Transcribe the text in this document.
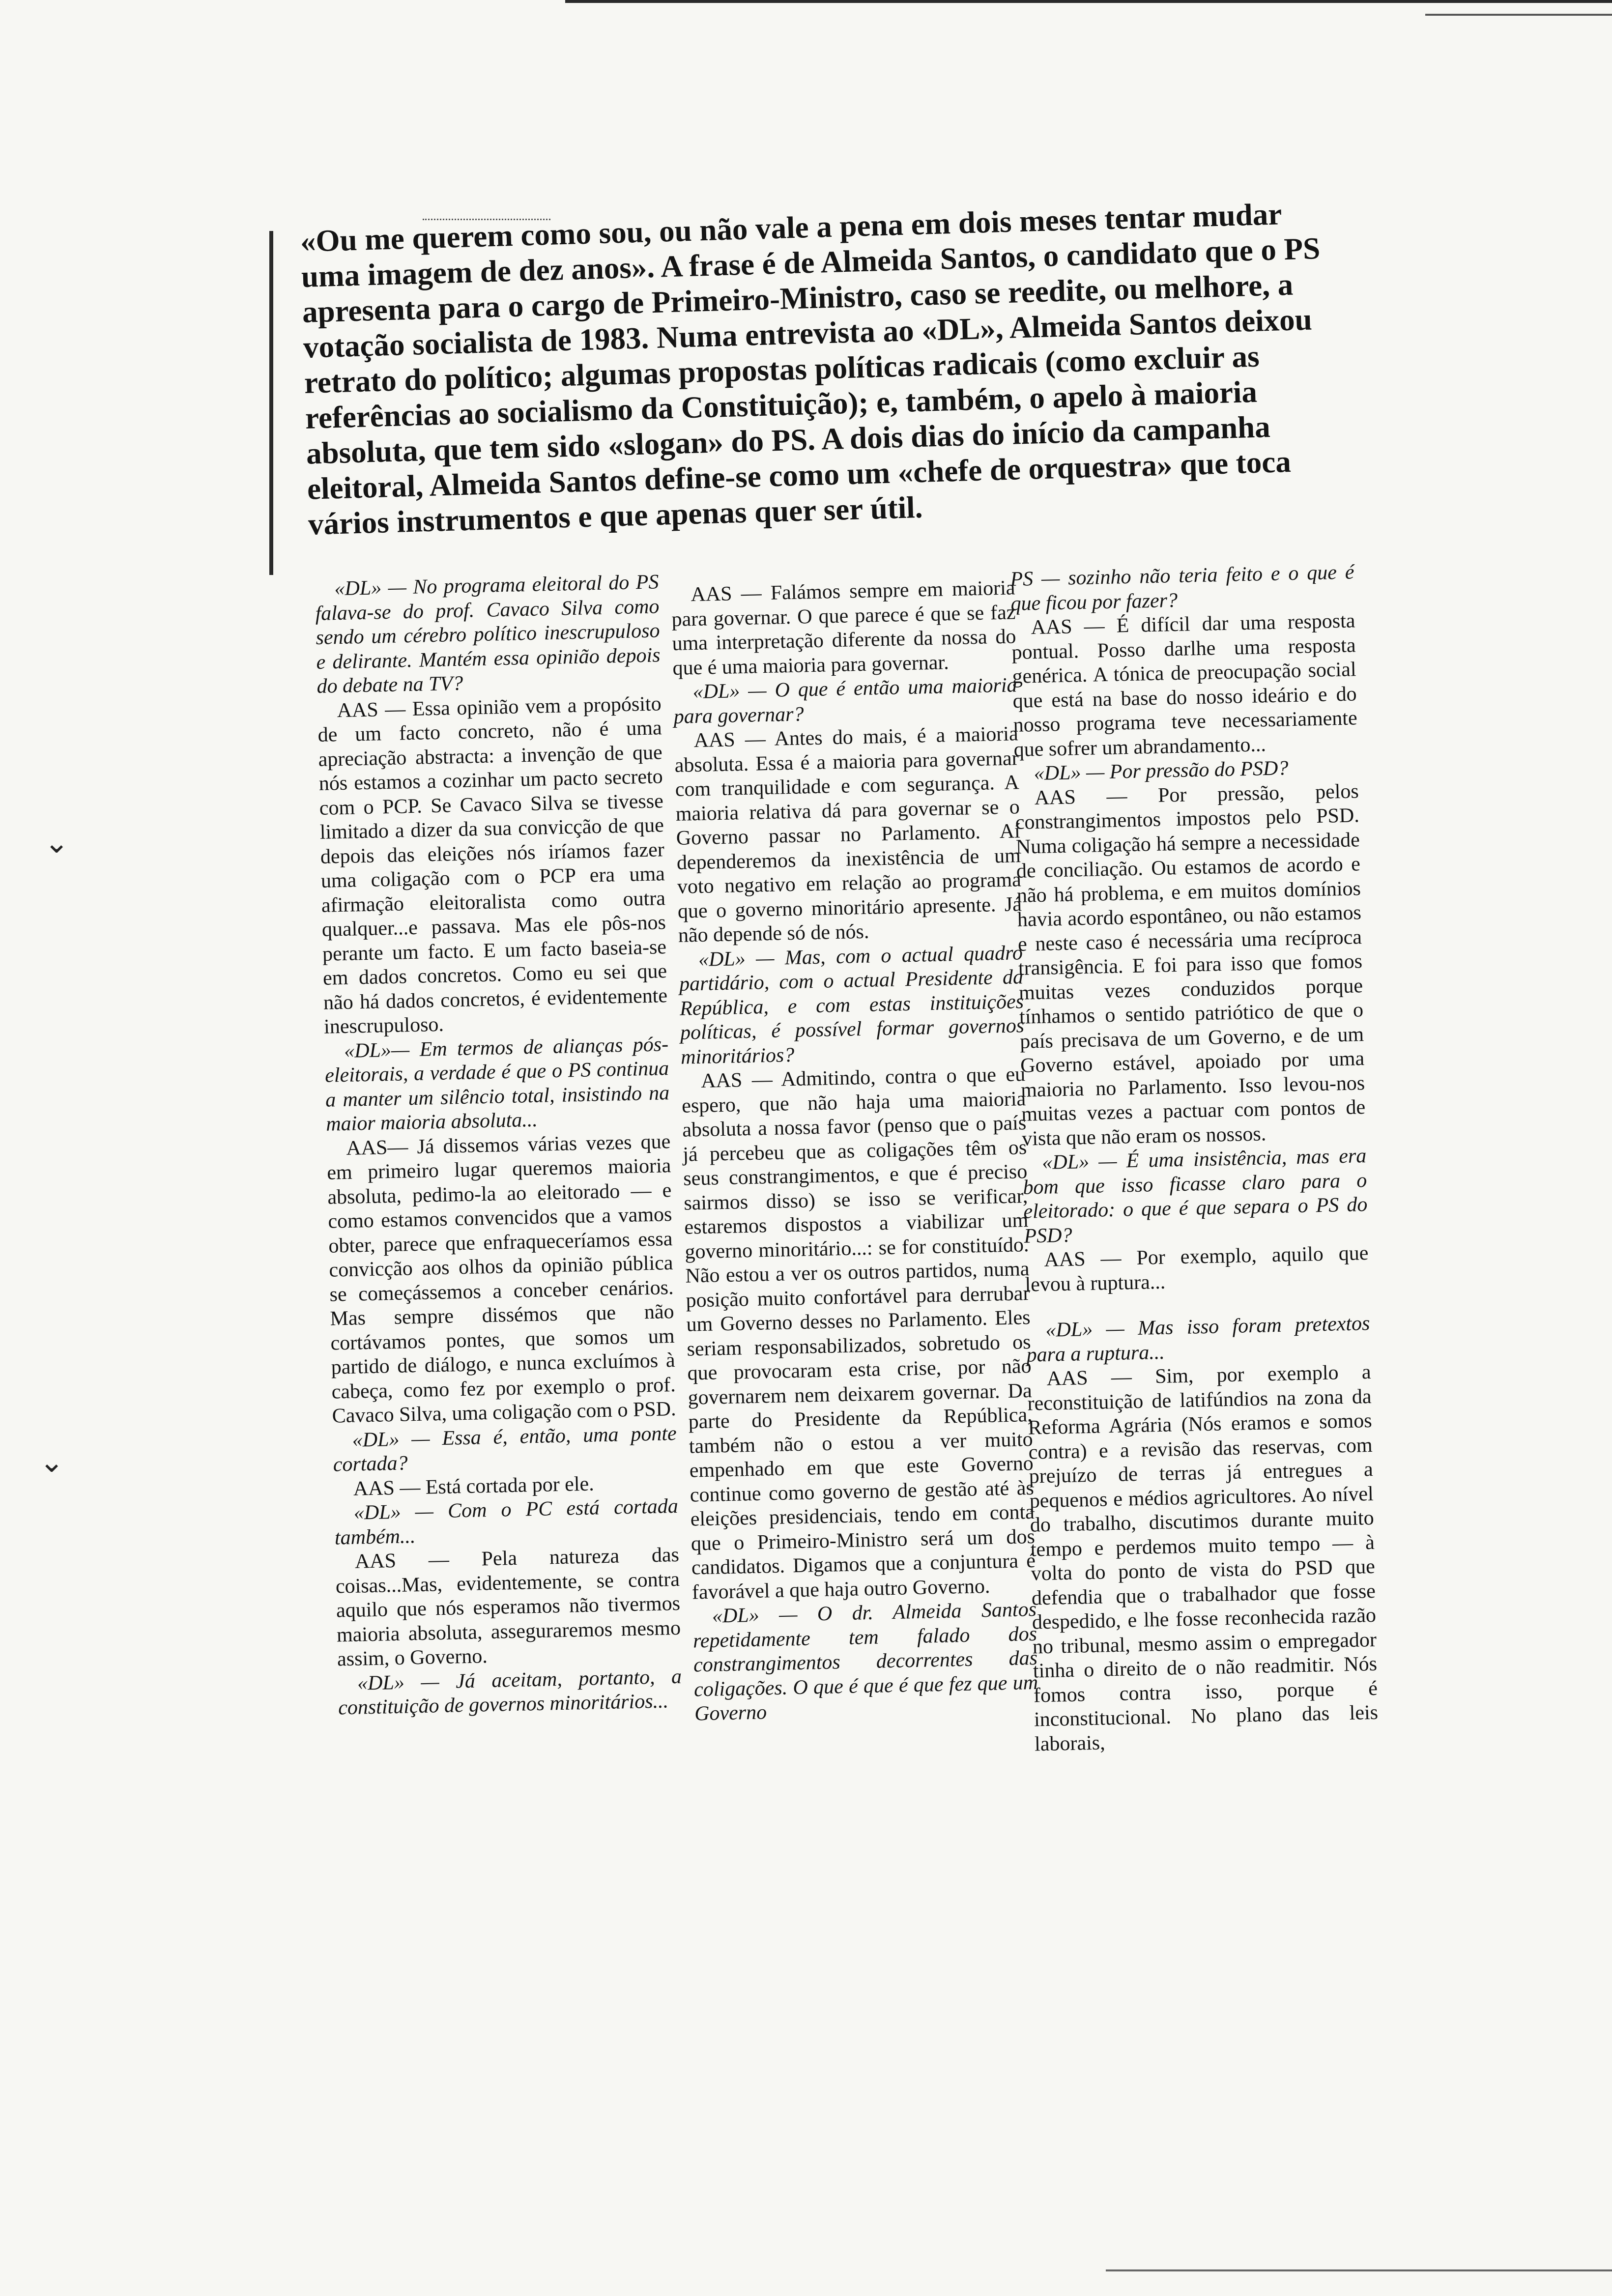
«Ou me querem como sou, ou não vale a pena em dois meses tentar mudar uma imagem de dez anos». A frase é de Almeida Santos, o candidato que o PS apresenta para o cargo de Primeiro-Ministro, caso se reedite, ou melhore, a votação socialista de 1983. Numa entrevista ao «DL», Almeida Santos deixou retrato do político; algumas propostas políticas radicais (como excluir as referências ao socialismo da Constituição); e, também, o apelo à maioria absoluta, que tem sido «slogan» do PS. A dois dias do início da campanha eleitoral, Almeida Santos define-se como um «chefe de orquestra» que toca vários instrumentos e que apenas quer ser útil.

«DL» — No programa eleitoral do PS falava-se do prof. Cavaco Silva como sendo um cérebro político inescrupuloso e delirante. Mantém essa opinião depois do debate na TV?

AAS — Essa opinião vem a propósito de um facto concreto, não é uma apreciação abstracta: a invenção de que nós estamos a cozinhar um pacto secreto com o PCP. Se Cavaco Silva se tivesse limitado a dizer da sua convicção de que depois das eleições nós iríamos fazer uma coligação com o PCP era uma afirmação eleitoralista como outra qualquer...e passava. Mas ele pôs-nos perante um facto. E um facto baseia-se em dados concretos. Como eu sei que não há dados concretos, é evidentemente inescrupuloso.

«DL»— Em termos de alianças pós-eleitorais, a verdade é que o PS continua a manter um silêncio total, insistindo na maior maioria absoluta...

AAS— Já dissemos várias vezes que em primeiro lugar queremos maioria absoluta, pedimo-la ao eleitorado — e como estamos convencidos que a vamos obter, parece que enfraqueceríamos essa convicção aos olhos da opinião pública se começássemos a conceber cenários. Mas sempre dissémos que não cortávamos pontes, que somos um partido de diálogo, e nunca excluímos à cabeça, como fez por exemplo o prof. Cavaco Silva, uma coligação com o PSD.

«DL» — Essa é, então, uma ponte cortada?

AAS — Está cortada por ele.

«DL» — Com o PC está cortada também...

AAS — Pela natureza das coisas...Mas, evidentemente, se contra aquilo que nós esperamos não tivermos maioria absoluta, asseguraremos mesmo assim, o Governo.

«DL» — Já aceitam, portanto, a constituição de governos minoritários...

AAS — Falámos sempre em maioria para governar. O que parece é que se faz uma interpretação diferente da nossa do que é uma maioria para governar.

«DL» — O que é então uma maioria para governar?

AAS — Antes do mais, é a maioria absoluta. Essa é a maioria para governar com tranquilidade e com segurança. A maioria relativa dá para governar se o Governo passar no Parlamento. Aí dependeremos da inexistência de um voto negativo em relação ao programa que o governo minoritário apresente. Já não depende só de nós.

«DL» — Mas, com o actual quadro partidário, com o actual Presidente da República, e com estas instituições políticas, é possível formar governos minoritários?

AAS — Admitindo, contra o que eu espero, que não haja uma maioria absoluta a nossa favor (penso que o país já percebeu que as coligações têm os seus constrangimentos, e que é preciso sairmos disso) se isso se verificar, estaremos dispostos a viabilizar um governo minoritário...: se for constituído. Não estou a ver os outros partidos, numa posição muito confortável para derrubar um Governo desses no Parlamento. Eles seriam responsabilizados, sobretudo os que provocaram esta crise, por não governarem nem deixarem governar. Da parte do Presidente da República, também não o estou a ver muito empenhado em que este Governo continue como governo de gestão até às eleições presidenciais, tendo em conta que o Primeiro-Ministro será um dos candidatos. Digamos que a conjuntura é favorável a que haja outro Governo.

«DL» — O dr. Almeida Santos repetidamente tem falado dos constrangimentos decorrentes das coligações. O que é que é que fez que um Governo

PS — sozinho não teria feito e o que é que ficou por fazer?

AAS — É difícil dar uma resposta pontual. Posso darlhe uma resposta genérica. A tónica de preocupação social que está na base do nosso ideário e do nosso programa teve necessariamente que sofrer um abrandamento...

«DL» — Por pressão do PSD?

AAS — Por pressão, pelos constrangimentos impostos pelo PSD. Numa coligação há sempre a necessidade de conciliação. Ou estamos de acordo e não há problema, e em muitos domínios havia acordo espontâneo, ou não estamos e neste caso é necessária uma recíproca transigência. E foi para isso que fomos muitas vezes conduzidos porque tínhamos o sentido patriótico de que o país precisava de um Governo, e de um Governo estável, apoiado por uma maioria no Parlamento. Isso levou-nos muitas vezes a pactuar com pontos de vista que não eram os nossos.

«DL» — É uma insistência, mas era bom que isso ficasse claro para o eleitorado: o que é que separa o PS do PSD?

AAS — Por exemplo, aquilo que levou à ruptura...

«DL» — Mas isso foram pretextos para a ruptura...

AAS — Sim, por exemplo a reconstituição de latifúndios na zona da Reforma Agrária (Nós eramos e somos contra) e a revisão das reservas, com prejuízo de terras já entregues a pequenos e médios agricultores. Ao nível do trabalho, discutimos durante muito tempo e perdemos muito tempo — à volta do ponto de vista do PSD que defendia que o trabalhador que fosse despedido, e lhe fosse reconhecida razão no tribunal, mesmo assim o empregador tinha o direito de o não readmitir. Nós fomos contra isso, porque é inconstitucional. No plano das leis laborais,

⌄
⌄
